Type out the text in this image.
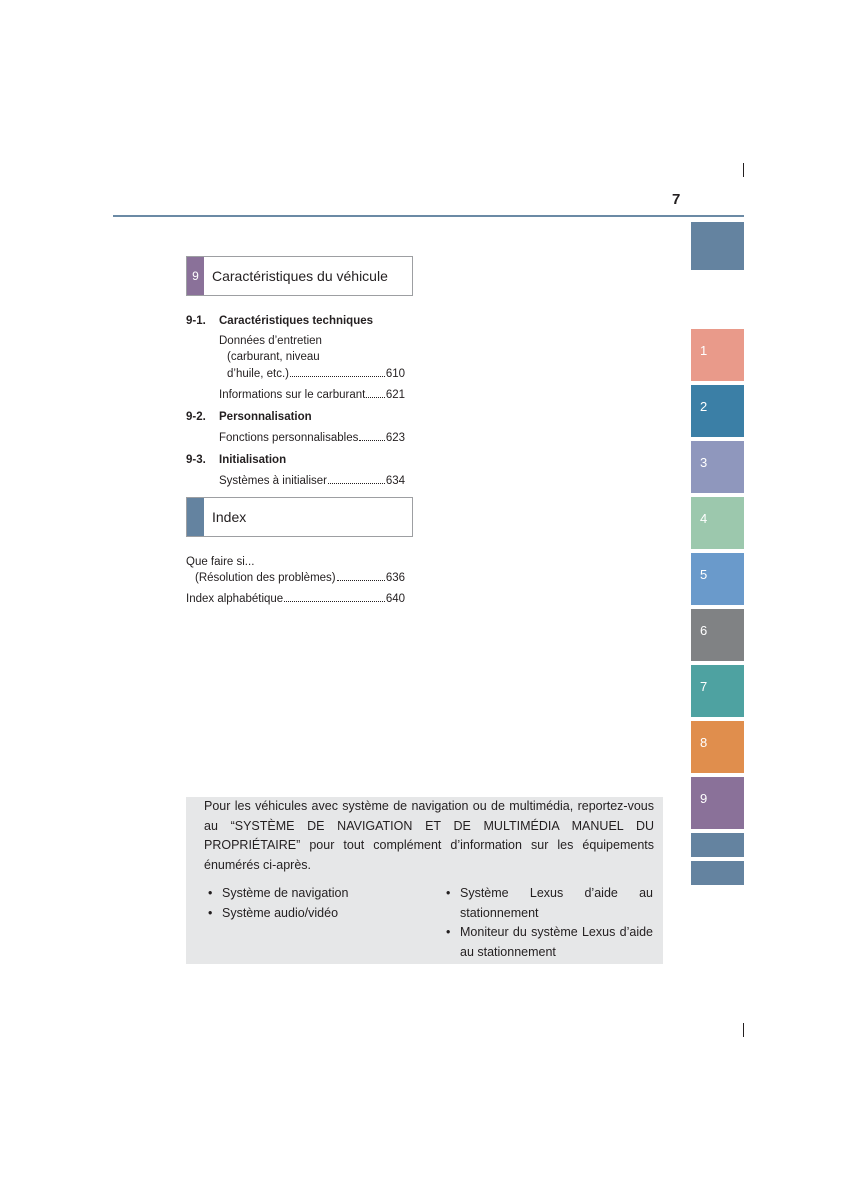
7
1
2
3
4
5
6
7
8
9
9 Caractéristiques du véhicule
9-1. Caractéristiques techniques
Données d’entretien
(carburant, niveau
d’huile, etc.)	610
Informations sur le carburant 621
9-2. Personnalisation
Fonctions personnalisables 623
9-3. Initialisation
Systèmes à initialiser	634
Index
Que faire si...
(Résolution des problèmes)	636
Index alphabétique	640
Pour les véhicules avec système de navigation ou de multimédia, reportez-vous au “SYSTÈME DE NAVIGATION ET DE MULTIMÉDIA MANUEL DU PROPRIÉTAIRE” pour tout complément d’information sur les équipements énumérés ci-après.
• Système de navigation
• Système audio/vidéo
• Système Lexus d’aide au stationnement
• Moniteur du système Lexus d’aide au stationnement
